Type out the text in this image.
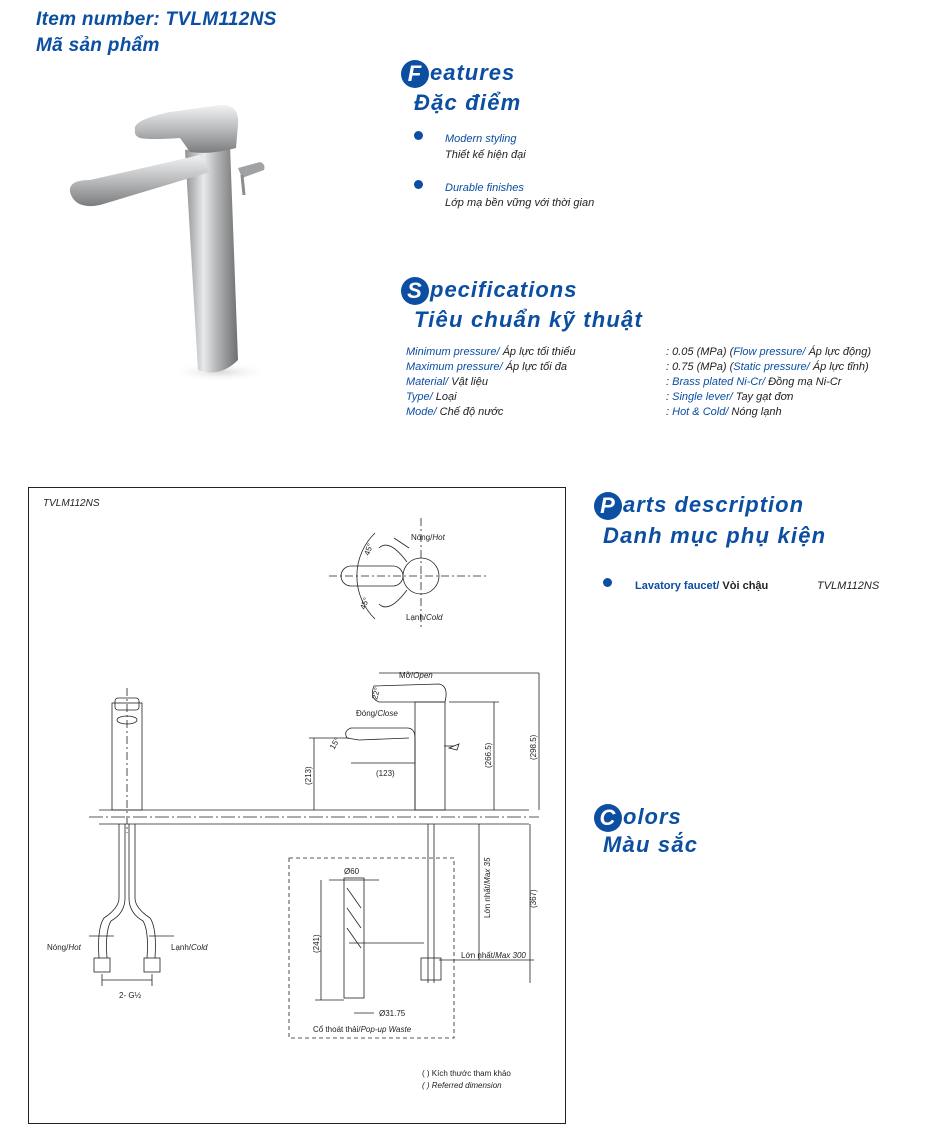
Item number: TVLM112NS
Mã sản phẩm
F eatures
Đặc điểm
Modern styling
Thiết kế hiện đại
Durable finishes
Lớp mạ bền vững với thời gian
S pecifications
Tiêu chuẩn kỹ thuật
Minimum pressure/ Áp lực tối thiểu	: 0.05 (MPa) (Flow pressure/ Áp lực động)
Maximum pressure/ Áp lực tối đa	: 0.75 (MPa) (Static pressure/ Áp lực tĩnh)
Material/ Vật liệu	: Brass plated Ni-Cr/ Đồng mạ Ni-Cr
Type/ Loại	: Single lever/ Tay gạt đơn
Mode/ Chế độ nước	: Hot & Cold/ Nóng lạnh
TVLM112NS
45°
45°
Nóng/Hot
Lạnh/Cold
Nóng/Hot	Lạnh/Cold
2- G½
Mở/Open
Đóng/Close
22°
15°
(213)	(123)
(266.5)	(298.5)
(367)
Lớn nhất/Max 35
Lớn nhất/Max 300
Ø60
(241)
Ø31.75
Cổ thoát thải/Pop-up Waste
( ) Kích thước tham khảo
( ) Referred dimension
P arts description
Danh mục phụ kiện
Lavatory faucet/ Vòi chậu	TVLM112NS
C olors
Màu sắc
